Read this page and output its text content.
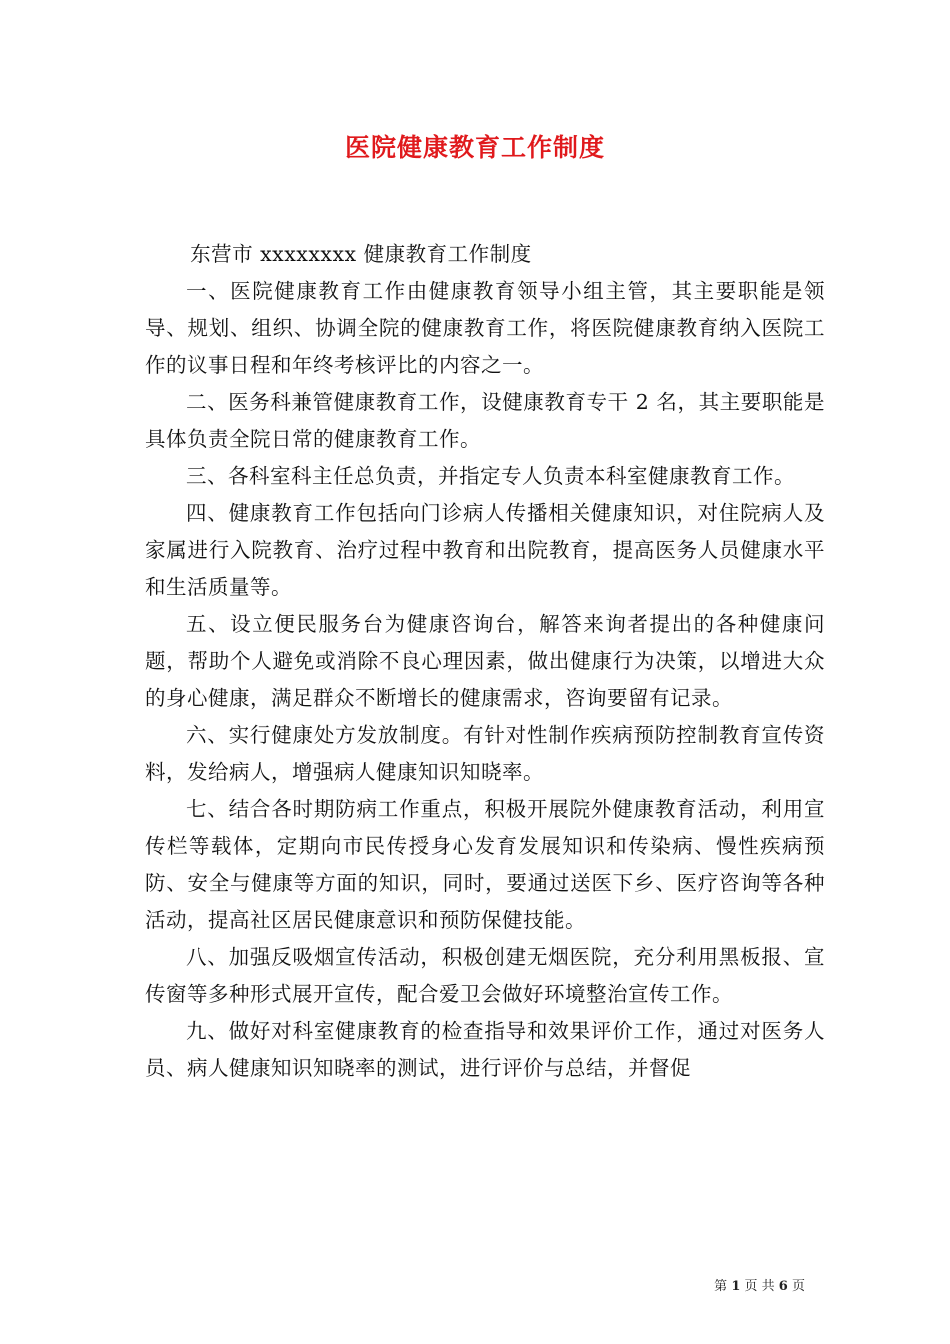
医院健康教育工作制度

东营市 xxxxxxxx 健康教育工作制度

一、医院健康教育工作由健康教育领导小组主管，其主要职能是领导、规划、组织、协调全院的健康教育工作，将医院健康教育纳入医院工作的议事日程和年终考核评比的内容之一。

二、医务科兼管健康教育工作，设健康教育专干 2 名，其主要职能是具体负责全院日常的健康教育工作。

三、各科室科主任总负责，并指定专人负责本科室健康教育工作。

四、健康教育工作包括向门诊病人传播相关健康知识，对住院病人及家属进行入院教育、治疗过程中教育和出院教育，提高医务人员健康水平和生活质量等。

五、设立便民服务台为健康咨询台，解答来询者提出的各种健康问题，帮助个人避免或消除不良心理因素，做出健康行为决策，以增进大众的身心健康，满足群众不断增长的健康需求，咨询要留有记录。

六、实行健康处方发放制度。有针对性制作疾病预防控制教育宣传资料，发给病人，增强病人健康知识知晓率。

七、结合各时期防病工作重点，积极开展院外健康教育活动，利用宣传栏等载体，定期向市民传授身心发育发展知识和传染病、慢性疾病预防、安全与健康等方面的知识，同时，要通过送医下乡、医疗咨询等各种活动，提高社区居民健康意识和预防保健技能。

八、加强反吸烟宣传活动，积极创建无烟医院，充分利用黑板报、宣传窗等多种形式展开宣传，配合爱卫会做好环境整治宣传工作。

九、做好对科室健康教育的检查指导和效果评价工作，通过对医务人员、病人健康知识知晓率的测试，进行评价与总结，并督促

第 1 页 共 6 页
